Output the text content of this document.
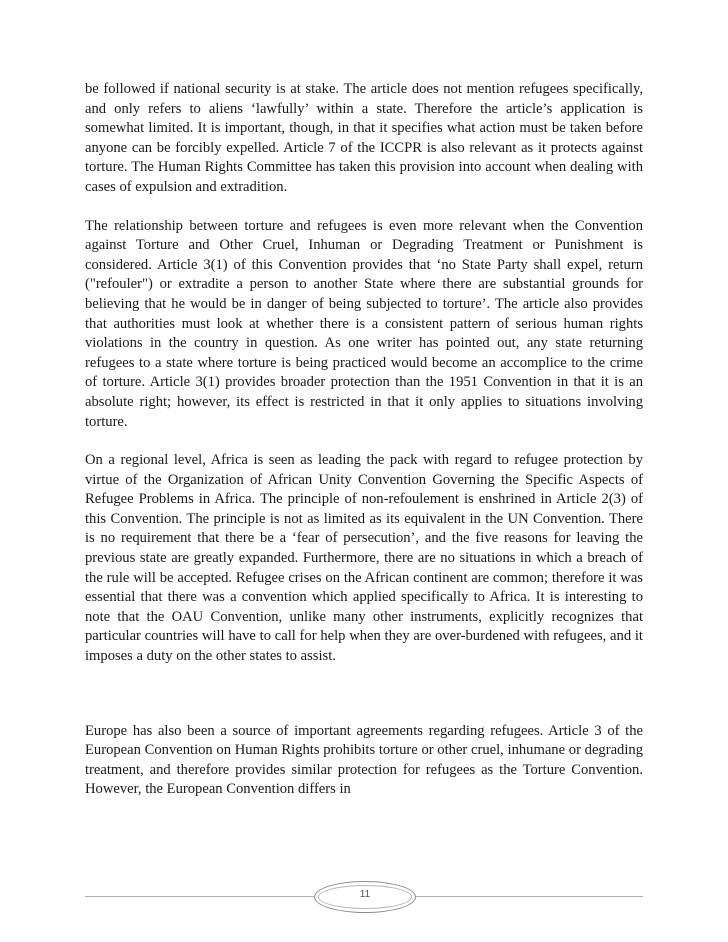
be followed if national security is at stake. The article does not mention refugees specifically, and only refers to aliens ‘lawfully’ within a state. Therefore the article’s application is somewhat limited. It is important, though, in that it specifies what action must be taken before anyone can be forcibly expelled. Article 7 of the ICCPR is also relevant as it protects against torture. The Human Rights Committee has taken this provision into account when dealing with cases of expulsion and extradition.

The relationship between torture and refugees is even more relevant when the Convention against Torture and Other Cruel, Inhuman or Degrading Treatment or Punishment is considered. Article 3(1) of this Convention provides that ‘no State Party shall expel, return ("refouler") or extradite a person to another State where there are substantial grounds for believing that he would be in danger of being subjected to torture’. The article also provides that authorities must look at whether there is a consistent pattern of serious human rights violations in the country in question. As one writer has pointed out, any state returning refugees to a state where torture is being practiced would become an accomplice to the crime of torture. Article 3(1) provides broader protection than the 1951 Convention in that it is an absolute right; however, its effect is restricted in that it only applies to situations involving torture.

On a regional level, Africa is seen as leading the pack with regard to refugee protection by virtue of the Organization of African Unity Convention Governing the Specific Aspects of Refugee Problems in Africa. The principle of non-refoulement is enshrined in Article 2(3) of this Convention. The principle is not as limited as its equivalent in the UN Convention. There is no requirement that there be a ‘fear of persecution’, and the five reasons for leaving the previous state are greatly expanded. Furthermore, there are no situations in which a breach of the rule will be accepted. Refugee crises on the African continent are common; therefore it was essential that there was a convention which applied specifically to Africa. It is interesting to note that the OAU Convention, unlike many other instruments, explicitly recognizes that particular countries will have to call for help when they are over-burdened with refugees, and it imposes a duty on the other states to assist.

Europe has also been a source of important agreements regarding refugees. Article 3 of the European Convention on Human Rights prohibits torture or other cruel, inhumane or degrading treatment, and therefore provides similar protection for refugees as the Torture Convention. However, the European Convention differs in

11
